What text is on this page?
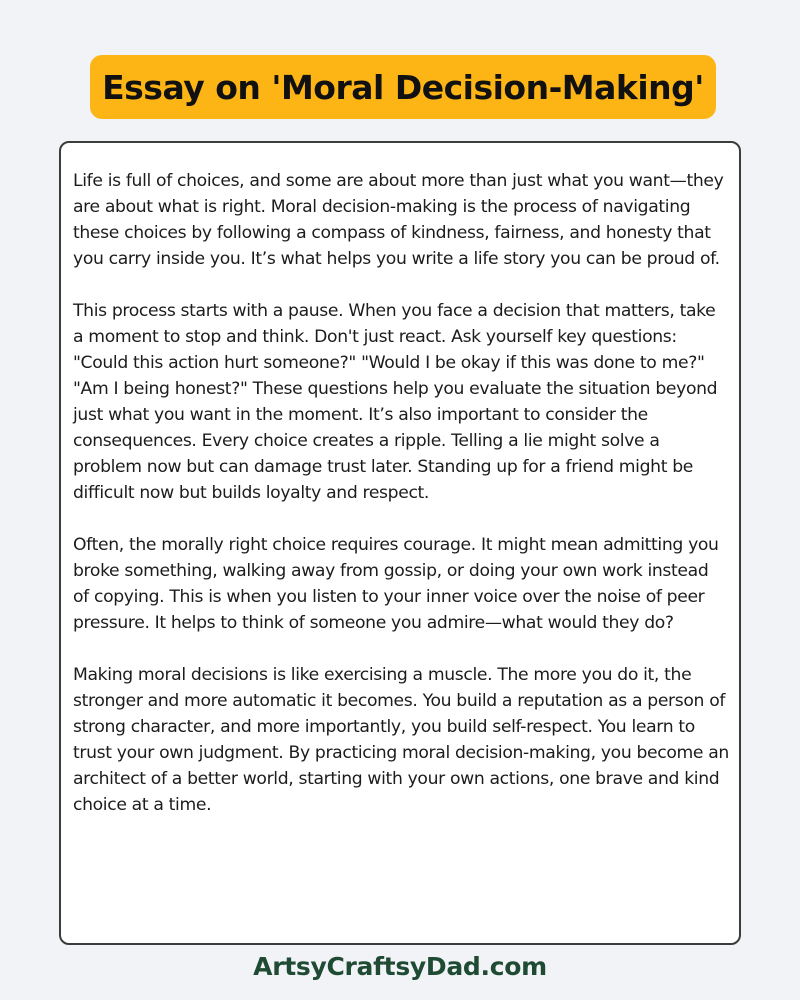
Essay on 'Moral Decision-Making'

Life is full of choices, and some are about more than just what you want—they are about what is right. Moral decision-making is the process of navigating these choices by following a compass of kindness, fairness, and honesty that you carry inside you. It’s what helps you write a life story you can be proud of.

This process starts with a pause. When you face a decision that matters, take a moment to stop and think. Don't just react. Ask yourself key questions: "Could this action hurt someone?" "Would I be okay if this was done to me?" "Am I being honest?" These questions help you evaluate the situation beyond just what you want in the moment. It’s also important to consider the consequences. Every choice creates a ripple. Telling a lie might solve a problem now but can damage trust later. Standing up for a friend might be difficult now but builds loyalty and respect.

Often, the morally right choice requires courage. It might mean admitting you broke something, walking away from gossip, or doing your own work instead of copying. This is when you listen to your inner voice over the noise of peer pressure. It helps to think of someone you admire—what would they do?

Making moral decisions is like exercising a muscle. The more you do it, the stronger and more automatic it becomes. You build a reputation as a person of strong character, and more importantly, you build self-respect. You learn to trust your own judgment. By practicing moral decision-making, you become an architect of a better world, starting with your own actions, one brave and kind choice at a time.

ArtsyCraftsyDad.com
